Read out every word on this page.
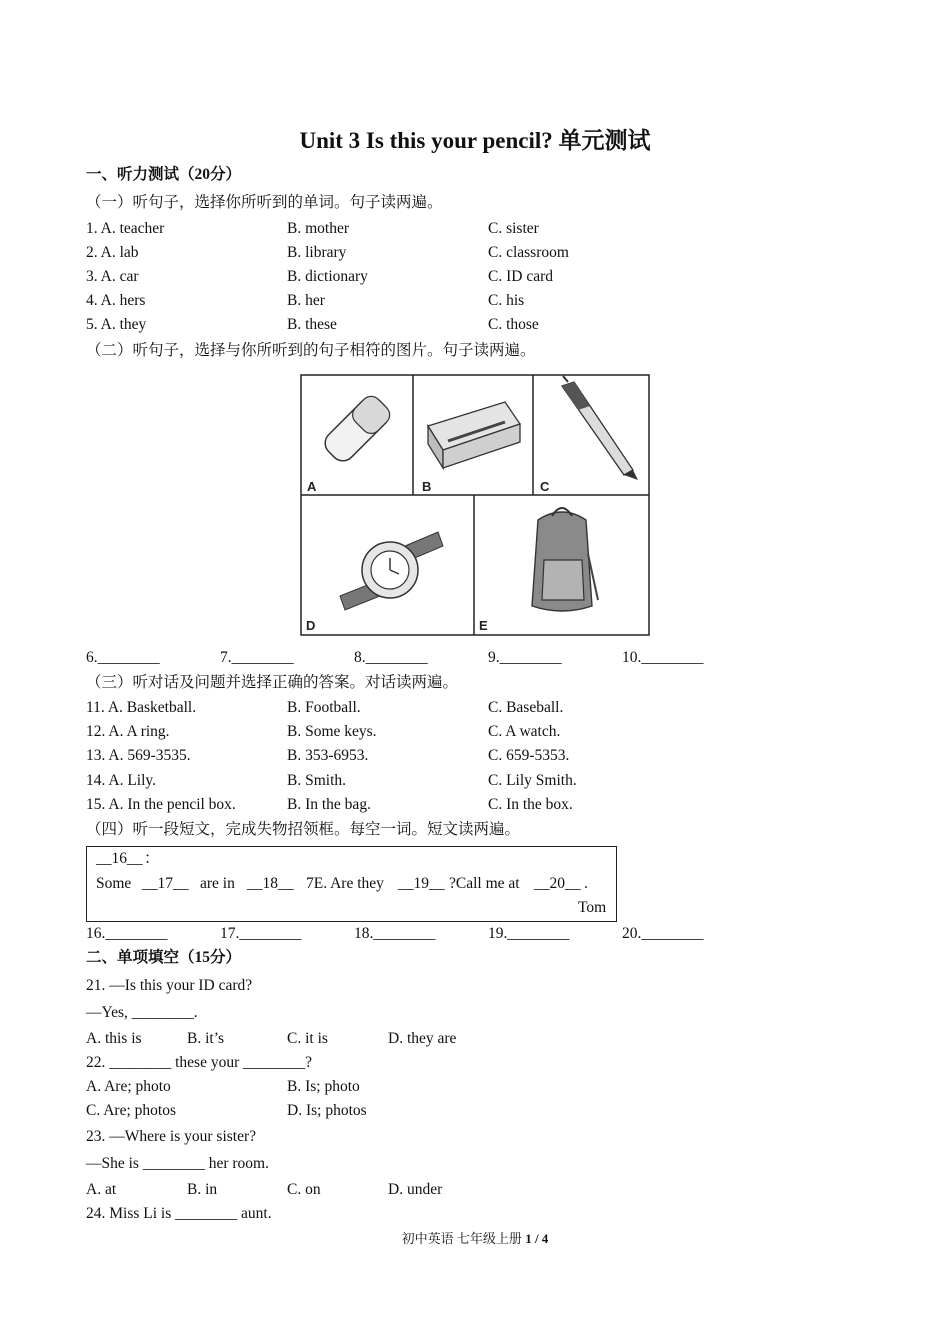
Unit 3 Is this your pencil? 单元测试
一、听力测试（20分）
（一）听句子，选择你所听到的单词。句子读两遍。
1. A. teacher	B. mother	C. sister
2. A. lab	B. library	C. classroom
3. A. car	B. dictionary	C. ID card
4. A. hers	B. her	C. his
5. A. they	B. these	C. those
（二）听句子，选择与你所听到的句子相符的图片。句子读两遍。
A	B	C
D	E
6.________	7.________	8.________	9.________	10.________
（三）听对话及问题并选择正确的答案。对话读两遍。
11. A. Basketball.	B. Football.	C. Baseball.
12. A. A ring.	B. Some keys.	C. A watch.
13. A. 569-3535.	B. 353-6953.	C. 659-5353.
14. A. Lily.	B. Smith.	C. Lily Smith.
15. A. In the pencil box.	B. In the bag.	C. In the box.
（四）听一段短文，完成失物招领框。每空一词。短文读两遍。
__16__ ：
Some __17__ are in __18__ 7E. Are they __19__ ?Call me at __20__ .
Tom
16.________	17.________	18.________	19.________	20.________
二、单项填空（15分）
21. —Is this your ID card?
—Yes, ________.
A. this is	B. it’s	C. it is	D. they are
22. ________ these your ________?
A. Are; photo	B. Is; photo
C. Are; photos	D. Is; photos
23. —Where is your sister?
—She is ________ her room.
A. at	B. in	C. on	D. under
24. Miss Li is ________ aunt.
初中英语 七年级上册 1 / 4
